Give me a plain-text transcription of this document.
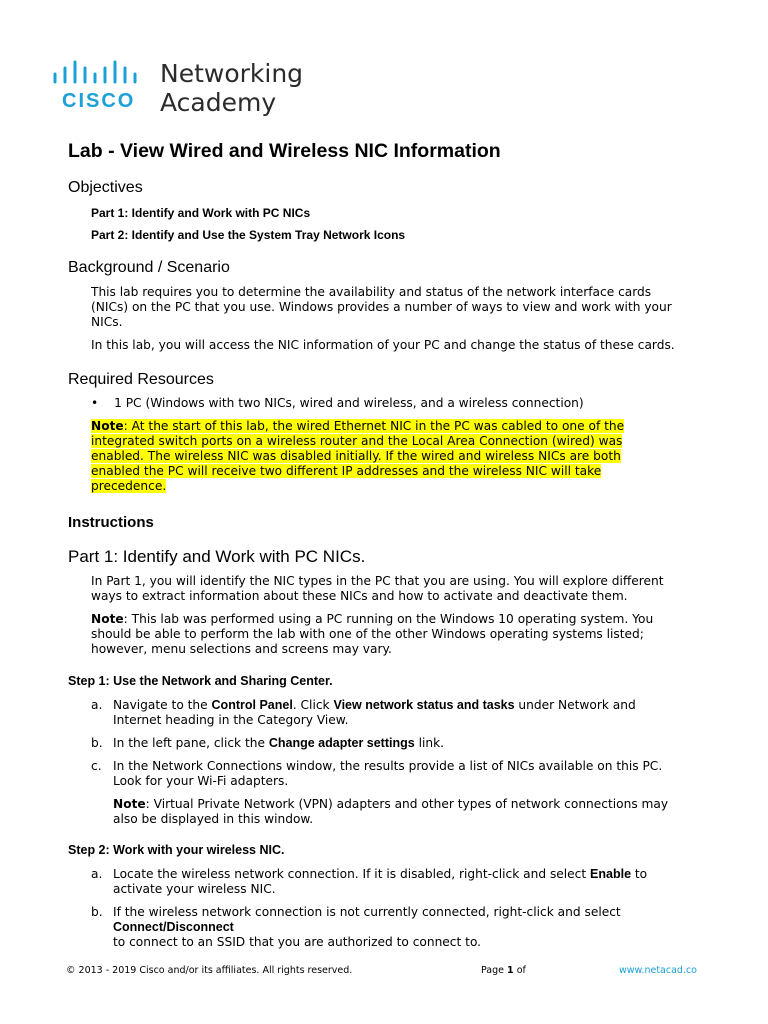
Networking
CISCO Academy
Lab - View Wired and Wireless NIC Information
Objectives
Part 1: Identify and Work with PC NICs
Part 2: Identify and Use the System Tray Network Icons
Background / Scenario

This lab requires you to determine the availability and status of the network interface cards

(NICs) on the PC that you use. Windows provides a number of ways to view and work with your

NICs.

In this lab, you will access the NIC information of your PC and change the status of these cards.
Required Resources
• 1 PC (Windows with two NICs, wired and wireless, and a wireless connection)

Note: At the start of this lab, the wired Ethernet NIC in the PC was cabled to one of the

integrated switch ports on a wireless router and the Local Area Connection (wired) was

enabled. The wireless NIC was disabled initially. If the wired and wireless NICs are both

enabled the PC will receive two different IP addresses and the wireless NIC will take

precedence.

Instructions
Part 1: Identify and Work with PC NICs.

In Part 1, you will identify the NIC types in the PC that you are using. You will explore different

ways to extract information about these NICs and how to activate and deactivate them.

Note: This lab was performed using a PC running on the Windows 10 operating system. You

should be able to perform the lab with one of the other Windows operating systems listed;

however, menu selections and screens may vary.

Step 1: Use the Network and Sharing Center.
a. Navigate to the Control Panel. Click View network status and tasks under Network and

Internet heading in the Category View.

b. In the left pane, click the Change adapter settings link.

c. In the Network Connections window, the results provide a list of NICs available on this PC.

Look for your Wi-Fi adapters.

Note: Virtual Private Network (VPN) adapters and other types of network connections may

also be displayed in this window.

Step 2: Work with your wireless NIC.
a. Locate the wireless network connection. If it is disabled, right-click and select Enable to

activate your wireless NIC.

b. If the wireless network connection is not currently connected, right-click and select

Connect/Disconnect

to connect to an SSID that you are authorized to connect to.

© 2013 - 2019 Cisco and/or its affiliates. All rights reserved.	Page 1 of	www.netacad.co
